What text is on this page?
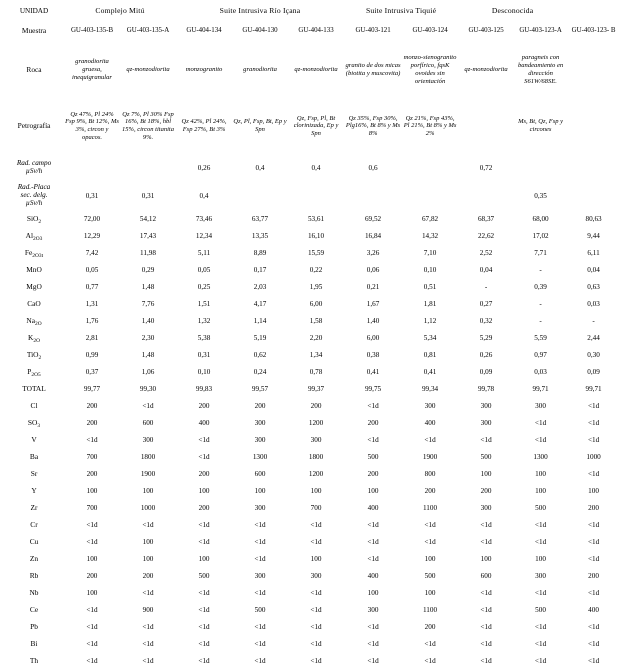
UNIDAD	Complejo Mitú		Suite Intrusiva Río Içana			Suite Intrusiva Tiquié		Desconocida		
Muestra	GU-403-135-B	GU-403-135-A	GU-404-134	GU-404-130	GU-404-133	GU-403-121	GU-403-124	GU-403-125	GU-403-123-A	GU-403-123- B
Roca	granodiorita gruesa, inequigranular	qz-monzodiorita	monzogranito	granodiorita	qz-monzodiorita	granito de dos micas (biotita y muscovita)	monzo-sienogranito porfírico, fqsK ovoides sin orientación	qz-monzodiorita	paragneis con bandeamiento en dirección S61W/68SE.	
Petrografía	Qz 47%, Pl 24% Fsp 9%, Bt 12%, Ms 3%, circon y opacos.	Qz 7%, Pl 30% Fsp 16%, Bt 18%, hbl 15%, circon titanita 9%.	Qz 42%, Pl 24%, Fsp 27%, Bt 3%	Qz, Pl, Fsp, Bt, Ep y Spn	Qz, Fsp, Pl, Bt clorinizada, Ep y Spn	Qz 35%, Fsp 30%, Plg16%, Bt 8% y Ms 8%	Qz 21%, Fsp 43%, Pl 21%, Bt 8% y Ms 2%		Ms, Bt, Qz, Fsp y circones	
Rad. campo
µSv/h			0,26	0,4	0,4	0,6		0,72		
Rad.-Placa
sec. delg.
µSv/h	0,31	0,31	0,4						0,35	
SiO$_2$	72,00	54,12	73,46	63,77	53,61	69,52	67,82	68,37	68,00	80,63
$Al_{2O3}$	12,29	17,43	12,34	13,35	16,10	16,84	14,32	22,62	17,02	9,44
$Fe_{2O3t}$	7,42	11,98	5,11	8,89	15,59	3,26	7,10	2,52	7,71	6,11
MnO	0,05	0,29	0,05	0,17	0,22	0,06	0,10	0,04	-	0,04
MgO	0,77	1,48	0,25	2,03	1,95	0,21	0,51	-	0,39	0,63
CaO	1,31	7,76	1,51	4,17	6,00	1,67	1,81	0,27	-	0,03
$Na_{2O}$	1,76	1,40	1,32	1,14	1,58	1,40	1,12	0,32	-	-
$K_{2O}$	2,81	2,30	5,38	5,19	2,20	6,00	5,34	5,29	5,59	2,44
TiO$_2$	0,99	1,48	0,31	0,62	1,34	0,38	0,81	0,26	0,97	0,30
$P_{2O5}$	0,37	1,06	0,10	0,24	0,78	0,41	0,41	0,09	0,03	0,09
TOTAL	99,77	99,30	99,83	99,57	99,37	99,75	99,34	99,78	99,71	99,71
Cl	200	<1d	200	200	200	<1d	300	300	300	<1d
$SO_3$	200	600	400	300	1200	200	400	300	<1d	<1d
V	<1d	300	<1d	300	300	<1d	<1d	<1d	<1d	<1d
Ba	700	1800	<1d	1300	1800	500	1900	500	1300	1000
Sr	200	1900	200	600	1200	200	800	100	100	<1d
Y	100	100	100	100	100	100	200	200	100	100
Zr	700	1000	200	300	700	400	1100	300	500	200
Cr	<1d	<1d	<1d	<1d	<1d	<1d	<1d	<1d	<1d	<1d
Cu	<1d	100	<1d	<1d	<1d	<1d	<1d	<1d	<1d	<1d
Zn	100	100	100	<1d	100	<1d	100	100	100	<1d
Rb	200	200	500	300	300	400	500	600	300	200
Nb	100	<1d	<1d	<1d	<1d	100	100	<1d	<1d	<1d
Ce	<1d	900	<1d	500	<1d	300	1100	<1d	500	400
Pb	<1d	<1d	<1d	<1d	<1d	<1d	200	<1d	<1d	<1d
Bi	<1d	<1d	<1d	<1d	<1d	<1d	<1d	<1d	<1d	<1d
Th	<1d	<1d	<1d	<1d	<1d	<1d	<1d	<1d	<1d	<1d
